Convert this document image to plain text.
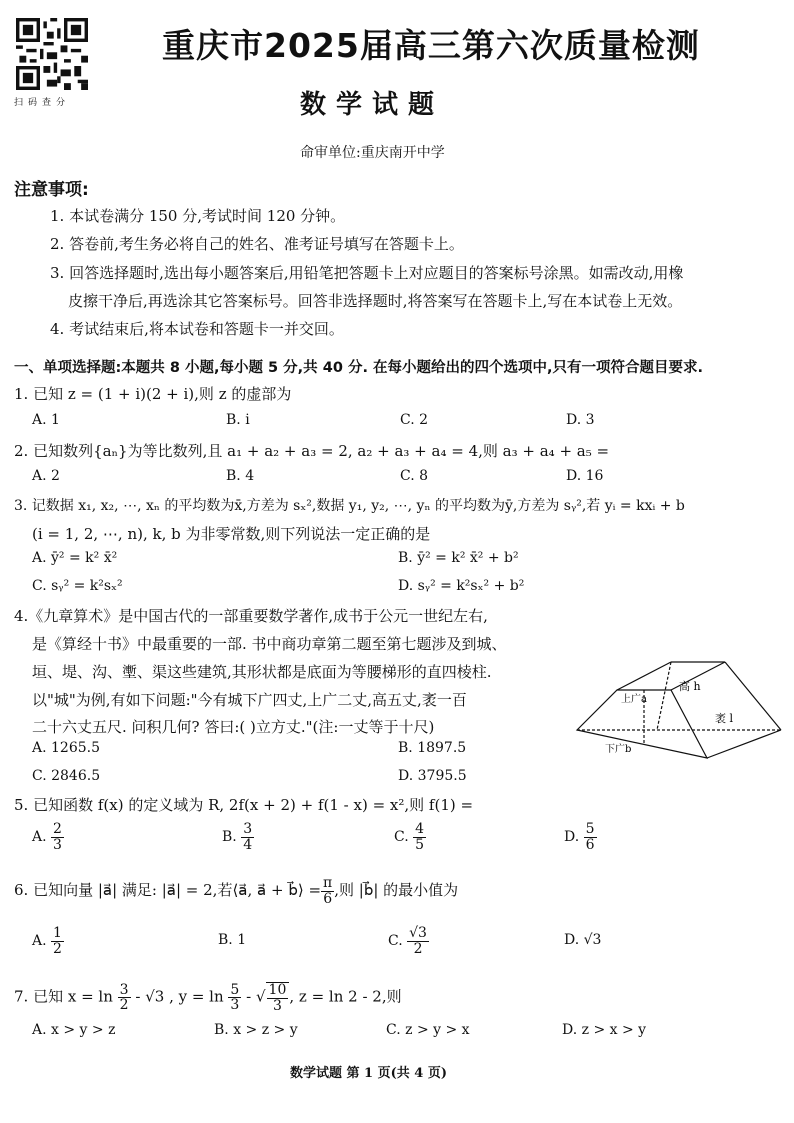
扫码查分
重庆市2025届高三第六次质量检测
数学试题
命审单位:重庆南开中学
注意事项:
1. 本试卷满分 150 分,考试时间 120 分钟。
2. 答卷前,考生务必将自己的姓名、准考证号填写在答题卡上。
3. 回答选择题时,选出每小题答案后,用铅笔把答题卡上对应题目的答案标号涂黑。如需改动,用橡
皮擦干净后,再选涂其它答案标号。回答非选择题时,将答案写在答题卡上,写在本试卷上无效。
4. 考试结束后,将本试卷和答题卡一并交回。
一、单项选择题:本题共 8 小题,每小题 5 分,共 40 分. 在每小题给出的四个选项中,只有一项符合题目要求.
1. 已知 z = (1 + i)(2 + i),则 z 的虚部为
A. 1	B. i	C. 2	D. 3
2. 已知数列{aₙ}为等比数列,且 a₁ + a₂ + a₃ = 2, a₂ + a₃ + a₄ = 4,则 a₃ + a₄ + a₅ =
A. 2	B. 4	C. 8	D. 16
3. 记数据 x₁, x₂, ⋯, xₙ 的平均数为x̄,方差为 sₓ²,数据 y₁, y₂, ⋯, yₙ 的平均数为ȳ,方差为 sᵧ²,若 yᵢ = kxᵢ + b
(i = 1, 2, ⋯, n), k, b 为非零常数,则下列说法一定正确的是
A. ȳ² = k² x̄²	B. ȳ² = k² x̄² + b²
C. sᵧ² = k²sₓ²	D. sᵧ² = k²sₓ² + b²
4.《九章算术》是中国古代的一部重要数学著作,成书于公元一世纪左右,
是《算经十书》中最重要的一部. 书中商功章第二题至第七题涉及到城、
垣、堤、沟、壍、渠这些建筑,其形状都是底面为等腰梯形的直四棱柱.
以"城"为例,有如下问题:"今有城下广四丈,上广二丈,高五丈,袤一百
二十六丈五尺. 问积几何? 答曰:( )立方丈."(注:一丈等于十尺)
A. 1265.5	B. 1897.5
C. 2846.5	D. 3795.5
上广a
高 h
袤 l
下广b
5. 已知函数 f(x) 的定义域为 R, 2f(x + 2) + f(1 - x) = x²,则 f(1) =
A. $\frac{2}{3}$	B. $\frac{3}{4}$	C. $\frac{4}{5}$	D. $\frac{5}{6}$
6. 已知向量 |a⃗| 满足: |a⃗| = 2,若⟨a⃗, a⃗ + b⃗⟩ = $\frac{\pi}{6}$ ,则 |b⃗| 的最小值为
A. $\frac{1}{2}$	B. 1	C. $\frac{√3}{2}$	D. √3
7. 已知 $x = \ln \frac{3}{2} - √3$ , $y = \ln \frac{5}{3}$ - √ $\frac{10}{3}$ , z = ln 2 - 2,则
A. x > y > z	B. x > z > y	C. z > y > x	D. z > x > y
数学试题 第 1 页(共 4 页)
